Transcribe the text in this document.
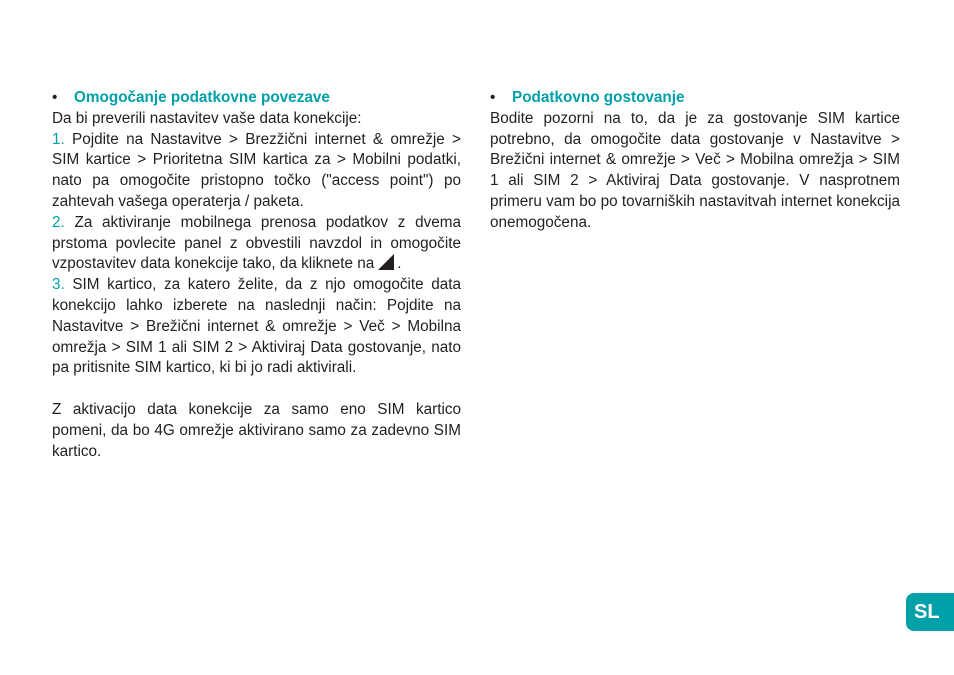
•	Omogočanje podatkovne povezave

Da bi preverili nastavitev vaše data konekcije:

1. Pojdite na Nastavitve > Brezžični internet & omrežje > SIM kartice > Prioritetna SIM kartica za > Mobilni podatki, nato pa omogočite pristopno točko ("access point") po zahtevah vašega operaterja / paketa.

2. Za aktiviranje mobilnega prenosa podatkov z dvema prstoma povlecite panel z obvestili navzdol in omogočite vzpostavitev data konekcije tako, da kliknete na .

3. SIM kartico, za katero želite, da z njo omogočite data konekcijo lahko izberete na naslednji način: Pojdite na Nastavitve > Brežični internet & omrežje > Več > Mobilna omrežja > SIM 1 ali SIM 2 > Aktiviraj Data gostovanje, nato pa pritisnite SIM kartico, ki bi jo radi aktivirali.

Z aktivacijo data konekcije za samo eno SIM kartico pomeni, da bo 4G omrežje aktivirano samo za zadevno SIM kartico.

•	Podatkovno gostovanje

Bodite pozorni na to, da je za gostovanje SIM kartice potrebno, da omogočite data gostovanje v Nastavitve > Brežični internet & omrežje > Več > Mobilna omrežja > SIM 1 ali SIM 2 > Aktiviraj Data gostovanje. V nasprotnem primeru vam bo po tovarniških nastavitvah internet konekcija onemogočena.

SL
